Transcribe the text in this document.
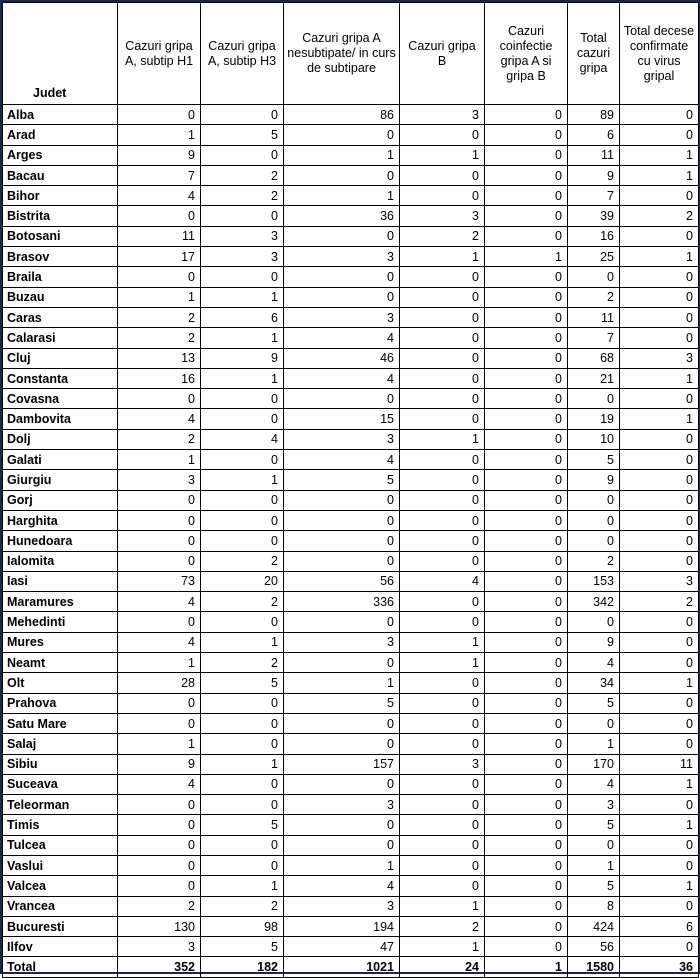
Judet	Cazuri gripa A, subtip H1	Cazuri gripa A, subtip H3	Cazuri gripa A nesubtipate/ in curs de subtipare	Cazuri gripa B	Cazuri coinfectie gripa A si gripa B	Total cazuri gripa	Total decese confirmate cu virus gripal
Alba	0	0	86	3	0	89	0
Arad	1	5	0	0	0	6	0
Arges	9	0	1	1	0	11	1
Bacau	7	2	0	0	0	9	1
Bihor	4	2	1	0	0	7	0
Bistrita	0	0	36	3	0	39	2
Botosani	11	3	0	2	0	16	0
Brasov	17	3	3	1	1	25	1
Braila	0	0	0	0	0	0	0
Buzau	1	1	0	0	0	2	0
Caras	2	6	3	0	0	11	0
Calarasi	2	1	4	0	0	7	0
Cluj	13	9	46	0	0	68	3
Constanta	16	1	4	0	0	21	1
Covasna	0	0	0	0	0	0	0
Dambovita	4	0	15	0	0	19	1
Dolj	2	4	3	1	0	10	0
Galati	1	0	4	0	0	5	0
Giurgiu	3	1	5	0	0	9	0
Gorj	0	0	0	0	0	0	0
Harghita	0	0	0	0	0	0	0
Hunedoara	0	0	0	0	0	0	0
Ialomita	0	2	0	0	0	2	0
Iasi	73	20	56	4	0	153	3
Maramures	4	2	336	0	0	342	2
Mehedinti	0	0	0	0	0	0	0
Mures	4	1	3	1	0	9	0
Neamt	1	2	0	1	0	4	0
Olt	28	5	1	0	0	34	1
Prahova	0	0	5	0	0	5	0
Satu Mare	0	0	0	0	0	0	0
Salaj	1	0	0	0	0	1	0
Sibiu	9	1	157	3	0	170	11
Suceava	4	0	0	0	0	4	1
Teleorman	0	0	3	0	0	3	0
Timis	0	5	0	0	0	5	1
Tulcea	0	0	0	0	0	0	0
Vaslui	0	0	1	0	0	1	0
Valcea	0	1	4	0	0	5	1
Vrancea	2	2	3	1	0	8	0
Bucuresti	130	98	194	2	0	424	6
Ilfov	3	5	47	1	0	56	0
Total	352	182	1021	24	1	1580	36
